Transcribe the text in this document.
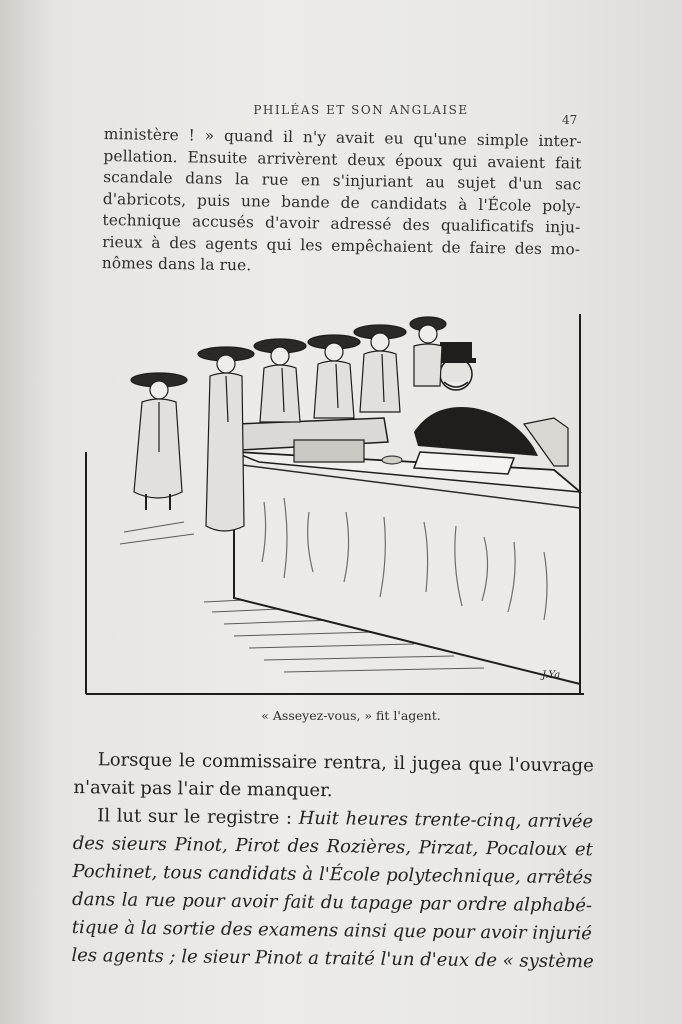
PHILÉAS ET SON ANGLAISE
47
ministère ! » quand il n'y avait eu qu'une simple inter-
pellation. Ensuite arrivèrent deux époux qui avaient fait
scandale dans la rue en s'injuriant au sujet d'un sac
d'abricots, puis une bande de candidats à l'École poly-
technique accusés d'avoir adressé des qualificatifs inju-
rieux à des agents qui les empêchaient de faire des mo-
nômes dans la rue.
J.Ya
« Asseyez-vous, » fit l'agent.
Lorsque le commissaire rentra, il jugea que l'ouvrage
n'avait pas l'air de manquer.
Il lut sur le registre : Huit heures trente-cinq, arrivée
des sieurs Pinot, Pirot des Rozières, Pirzat, Pocaloux et
Pochinet, tous candidats à l'École polytechnique, arrêtés
dans la rue pour avoir fait du tapage par ordre alphabé-
tique à la sortie des examens ainsi que pour avoir injurié
les agents ; le sieur Pinot a traité l'un d'eux de « système
